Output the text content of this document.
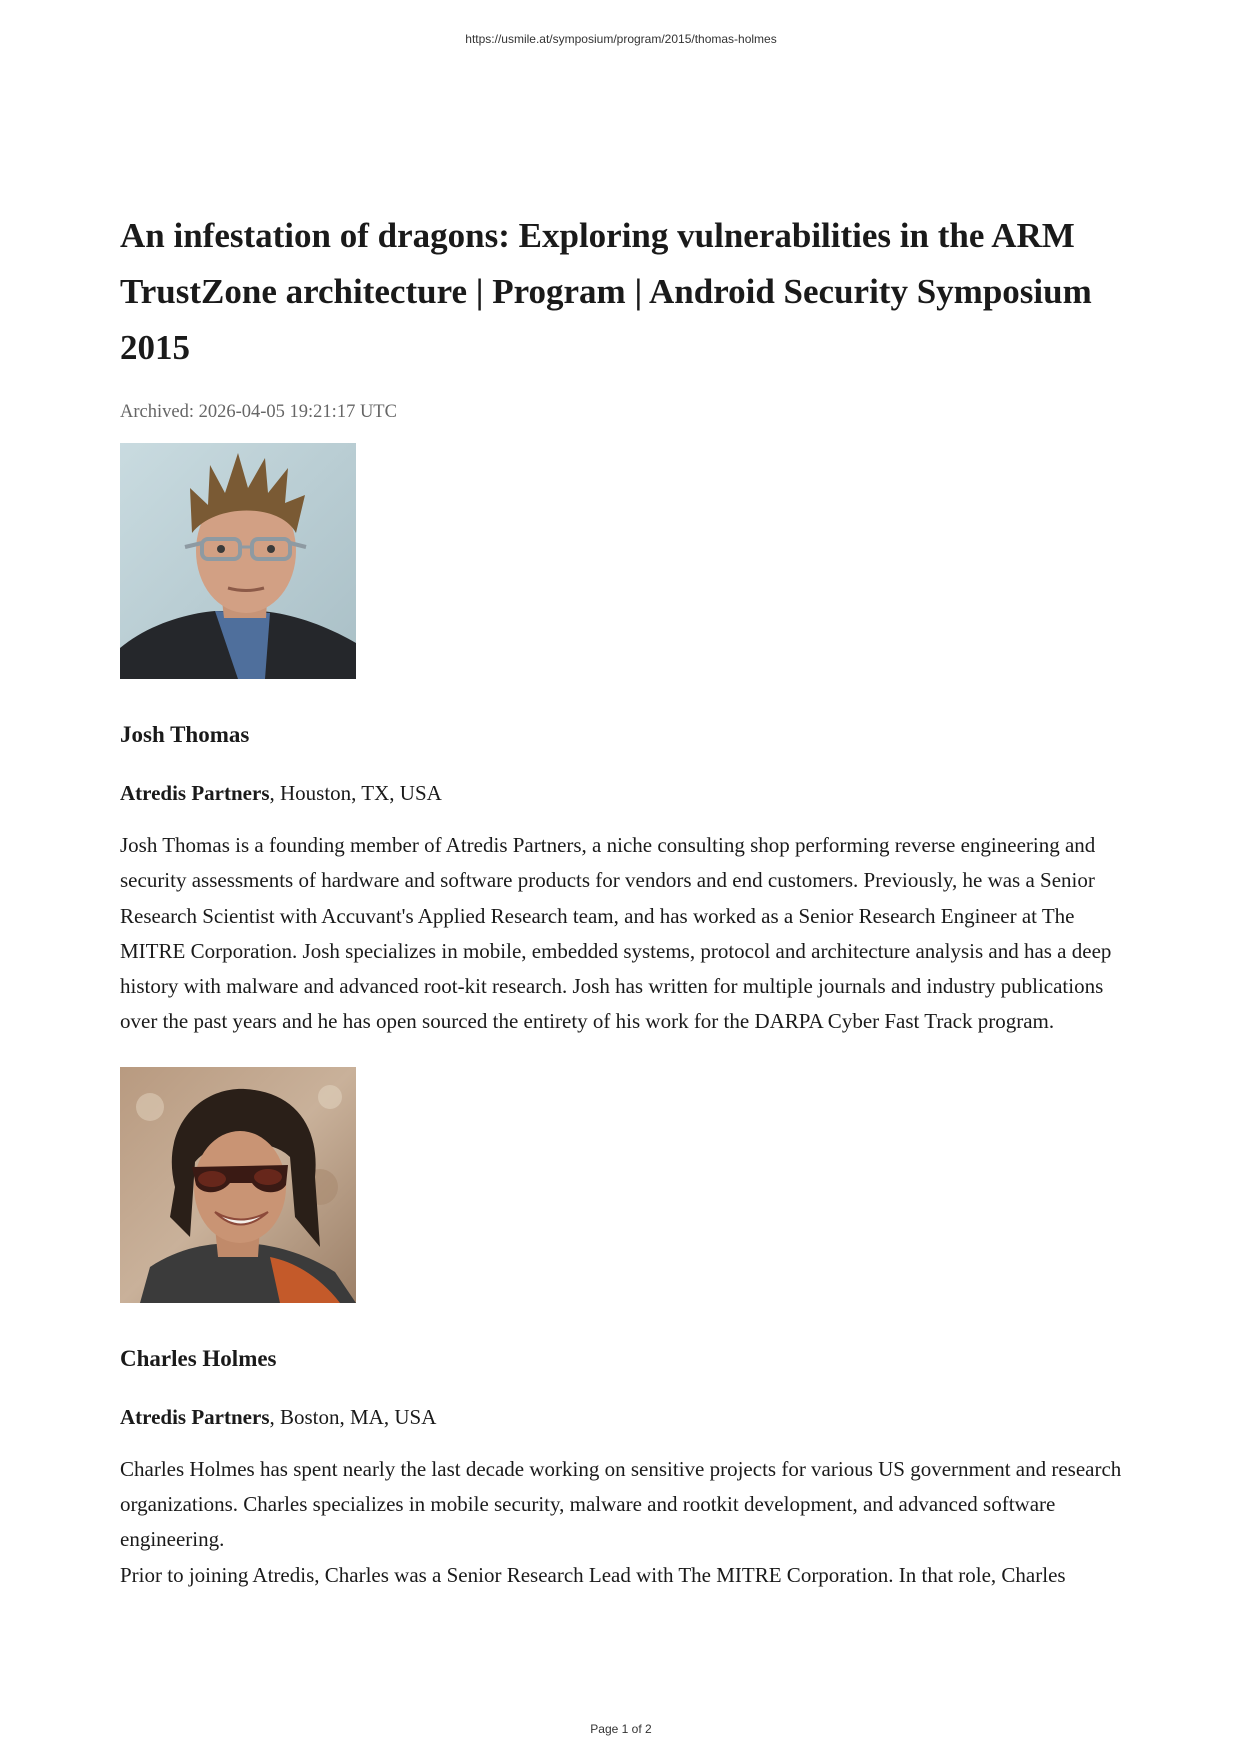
https://usmile.at/symposium/program/2015/thomas-holmes
An infestation of dragons: Exploring vulnerabilities in the ARM TrustZone architecture | Program | Android Security Symposium 2015
Archived: 2026-04-05 19:21:17 UTC
Josh Thomas
Atredis Partners, Houston, TX, USA

Josh Thomas is a founding member of Atredis Partners, a niche consulting shop performing reverse engineering and security assessments of hardware and software products for vendors and end customers. Previously, he was a Senior Research Scientist with Accuvant's Applied Research team, and has worked as a Senior Research Engineer at The MITRE Corporation. Josh specializes in mobile, embedded systems, protocol and architecture analysis and has a deep history with malware and advanced root-kit research. Josh has written for multiple journals and industry publications over the past years and he has open sourced the entirety of his work for the DARPA Cyber Fast Track program.

Charles Holmes
Atredis Partners, Boston, MA, USA

Charles Holmes has spent nearly the last decade working on sensitive projects for various US government and research organizations. Charles specializes in mobile security, malware and rootkit development, and advanced software engineering.

Prior to joining Atredis, Charles was a Senior Research Lead with The MITRE Corporation. In that role, Charles

Page 1 of 2
